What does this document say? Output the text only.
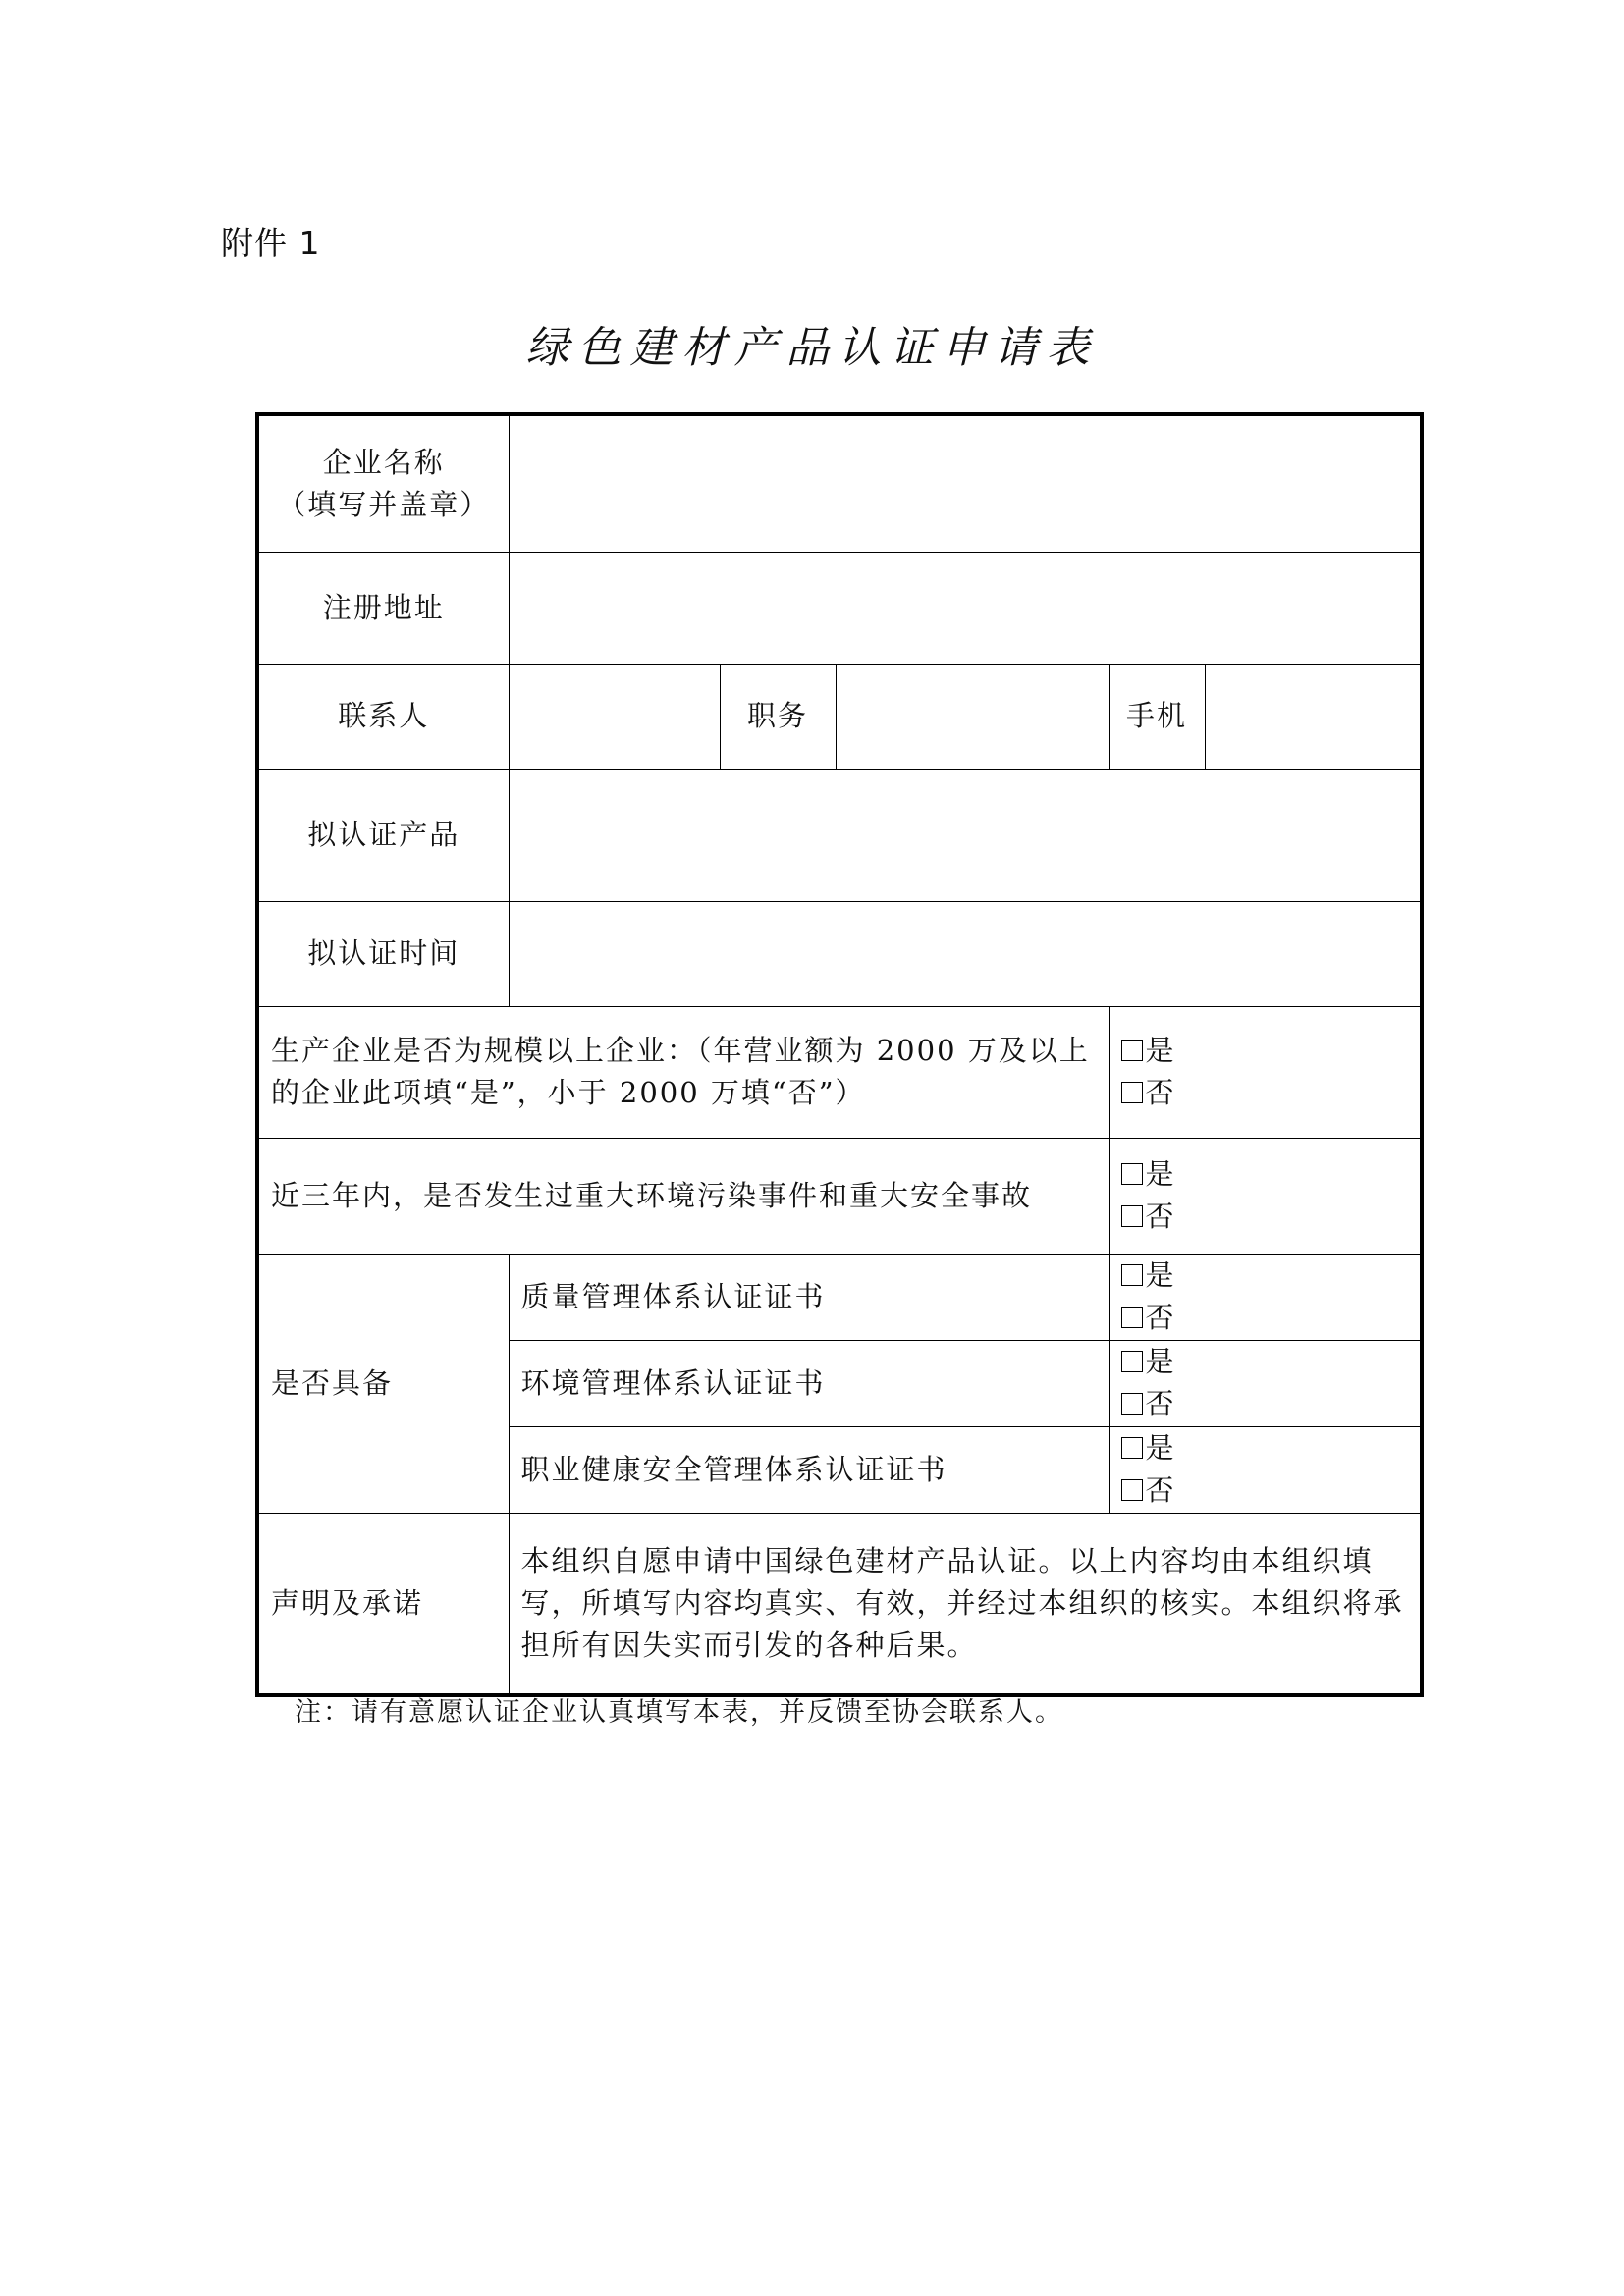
附件 1
绿色建材产品认证申请表
企业名称
（填写并盖章）					

注册地址					
联系人		职务		手机	
拟认证产品					
拟认证时间					
生产企业是否为规模以上企业：（年营业额为 2000 万及以上的企业此项填“是”，小于 2000 万填“否”）				是
否	

近三年内，是否发生过重大环境污染事件和重大安全事故				是
否	

是否具备	质量管理体系认证证书			是
否	

	环境管理体系认证证书			是
否	

	职业健康安全管理体系认证证书			是
否	

声明及承诺	本组织自愿申请中国绿色建材产品认证。以上内容均由本组织填写，所填写内容均真实、有效，并经过本组织的核实。本组织将承担所有因失实而引发的各种后果。				
注：请有意愿认证企业认真填写本表，并反馈至协会联系人。
